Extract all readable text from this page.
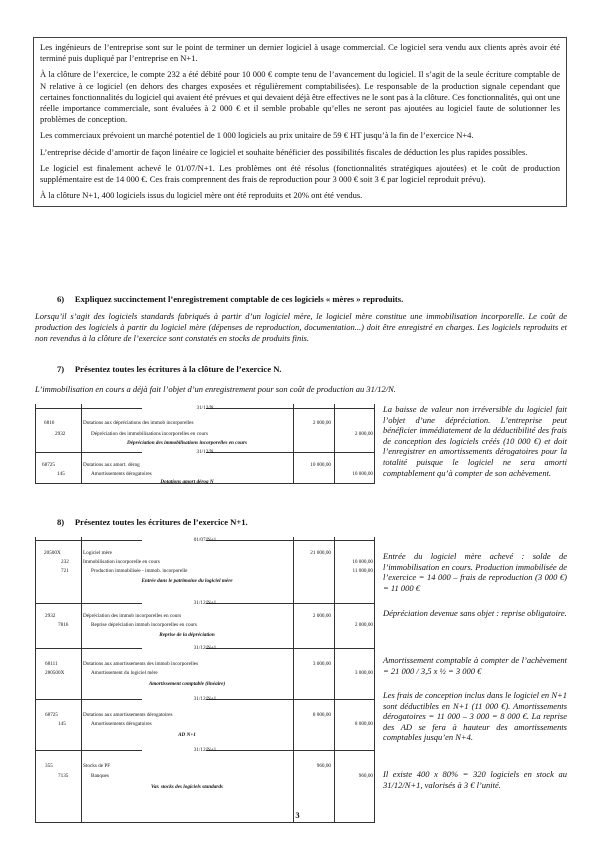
Les ingénieurs de l’entreprise sont sur le point de terminer un dernier logiciel à usage commercial. Ce logiciel sera vendu aux clients après avoir été terminé puis dupliqué par l’entreprise en N+1.

À la clôture de l’exercice, le compte 232 a été débité pour 10 000 € compte tenu de l’avancement du logiciel. Il s’agit de la seule écriture comptable de N relative à ce logiciel (en dehors des charges exposées et régulièrement comptabilisées). Le responsable de la production signale cependant que certaines fonctionnalités du logiciel qui avaient été prévues et qui devaient déjà être effectives ne le sont pas à la clôture. Ces fonctionnalités, qui ont une réelle importance commerciale, sont évaluées à 2 000 € et il semble probable qu’elles ne seront pas ajoutées au logiciel faute de solutionner les problèmes de conception.

Les commerciaux prévoient un marché potentiel de 1 000 logiciels au prix unitaire de 59 € HT jusqu’à la fin de l’exercice N+4.

L’entreprise décide d’amortir de façon linéaire ce logiciel et souhaite bénéficier des possibilités fiscales de déduction les plus rapides possibles.

Le logiciel est finalement achevé le 01/07/N+1. Les problèmes ont été résolus (fonctionnalités stratégiques ajoutées) et le coût de production supplémentaire est de 14 000 €. Ces frais comprennent des frais de reproduction pour 3 000 € soit 3 € par logiciel reproduit prévu).

À la clôture N+1, 400 logiciels issus du logiciel mère ont été reproduits et 20% ont été vendus.

6)  Expliquez succinctement l’enregistrement comptable de ces logiciels « mères » reproduits.
Lorsqu’il s’agit des logiciels standards fabriqués à partir d’un logiciel mère, le logiciel mère constitue une immobilisation incorporelle. Le coût de production des logiciels à partir du logiciel mère (dépenses de reproduction, documentation...) doit être enregistré en charges. Les logiciels reproduits et non revendus à la clôture de l’exercice sont constatés en stocks de produits finis.
7)  Présentez toutes les écritures à la clôture de l’exercice N.
L’immobilisation en cours a déjà fait l’objet d’un enregistrement pour son coût de production au 31/12/N.
31/12/N
6816	Dotations aux dépréciations des immob incorporelles	2 000,00
2932	Dépréciation des immobilisations incorporelles en cours	2 000,00
Dépréciation des immobilisations incorporelles en cours
31/12/N
68725	Dotations aux amort. dérog	10 000,00
145	Amortissements dérogatoires	10 000,00
Dotations amort dérog N
La baisse de valeur non irréversible du logiciel fait l’objet d’une dépréciation. L’entreprise peut bénéficier immédiatement de la déductibilité des frais de conception des logiciels créés (10 000 €) et doit l’enregistrer en amortissements dérogatoires pour la totalité puisque le logiciel ne sera amorti comptablement qu’à compter de son achèvement.
8)  Présentez toutes les écritures de l’exercice N+1.
01/07/N+1
20500X	Logiciel mère	21 000,00
232	Immobilisation incorporelle en cours	10 000,00
721	Production immobilisée - immob. incorporelle	11 000,00
Entrée dans le patrimoine du logiciel mère
31/12/N+1
2932	Dépréciation des immob incorporelles en cours	2 000,00
7816	Reprise dépréciation immob incorporelles en cours	2 000,00
Reprise de la dépréciation
31/12/N+1
68111	Dotations aux amortissements des immob incorporelles	3 000,00
280500X	Amortissement du logiciel mère	3 000,00
Amortissement comptable (linéaire)
31/12/N+1
68725	Dotations aux amortissements dérogatoires	8 000,00
145	Amortissements dérogatoires	8 000,00
AD N+1
31/12/N+1
355	Stocks de PF	960,00
7135	Banques	960,00
Var. stocks des logiciels standards
Entrée du logiciel mère achevé : solde de l’immobilisation en cours. Production immobilisée de l’exercice = 14 000 – frais de reproduction (3 000 €) = 11 000 €
Dépréciation devenue sans objet : reprise obligatoire.
Amortissement comptable à compter de l’achèvement = 21 000 / 3,5 x ½ = 3 000 €
Les frais de conception inclus dans le logiciel en N+1 sont déductibles en N+1 (11 000 €). Amortissements dérogatoires = 11 000 – 3 000 = 8 000 €. La reprise des AD se fera à hauteur des amortissements comptables jusqu’en N+4.
Il existe 400 x 80% = 320 logiciels en stock au 31/12/N+1, valorisés à 3 € l’unité.
3
